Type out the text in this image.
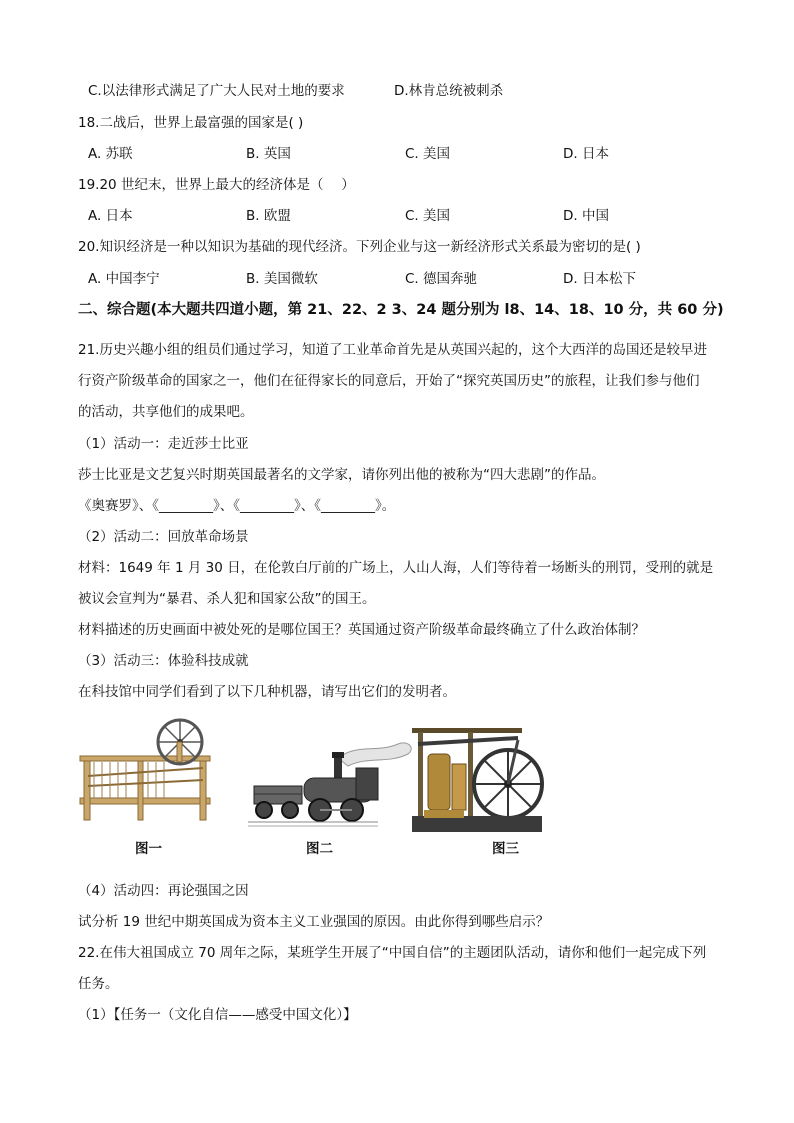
C.以法律形式满足了广大人民对土地的要求	D.林肯总统被刺杀
18.二战后，世界上最富强的国家是( )
A. 苏联	B. 英国	C. 美国	D. 日本
19.20 世纪末，世界上最大的经济体是（　 ）
A. 日本	B. 欧盟	C. 美国	D. 中国
20.知识经济是一种以知识为基础的现代经济。下列企业与这一新经济形式关系最为密切的是( )
A. 中国李宁	B. 美国微软	C. 德国奔驰	D. 日本松下
二、综合题(本大题共四道小题，第 21、22、2 3、24 题分别为 l8、14、18、10 分，共 60 分)
21.历史兴趣小组的组员们通过学习，知道了工业革命首先是从英国兴起的，这个大西洋的岛国还是较早进
行资产阶级革命的国家之一，他们在征得家长的同意后，开始了“探究英国历史”的旅程，让我们参与他们
的活动，共享他们的成果吧。
（1）活动一：走近莎士比亚
莎士比亚是文艺复兴时期英国最著名的文学家，请你列出他的被称为“四大悲剧”的作品。
《奥赛罗》、《________》、《________》、《________》。
（2）活动二：回放革命场景
材料：1649 年 1 月 30 日，在伦敦白厅前的广场上，人山人海，人们等待着一场断头的刑罚，受刑的就是
被议会宣判为“暴君、杀人犯和国家公敌”的国王。
材料描述的历史画面中被处死的是哪位国王？英国通过资产阶级革命最终确立了什么政治体制？
（3）活动三：体验科技成就
在科技馆中同学们看到了以下几种机器，请写出它们的发明者。
图一	图二	图三
（4）活动四：再论强国之因
试分析 19 世纪中期英国成为资本主义工业强国的原因。由此你得到哪些启示？
22.在伟大祖国成立 70 周年之际，某班学生开展了“中国自信”的主题团队活动，请你和他们一起完成下列
任务。
（1）【任务一（文化自信——感受中国文化）】
